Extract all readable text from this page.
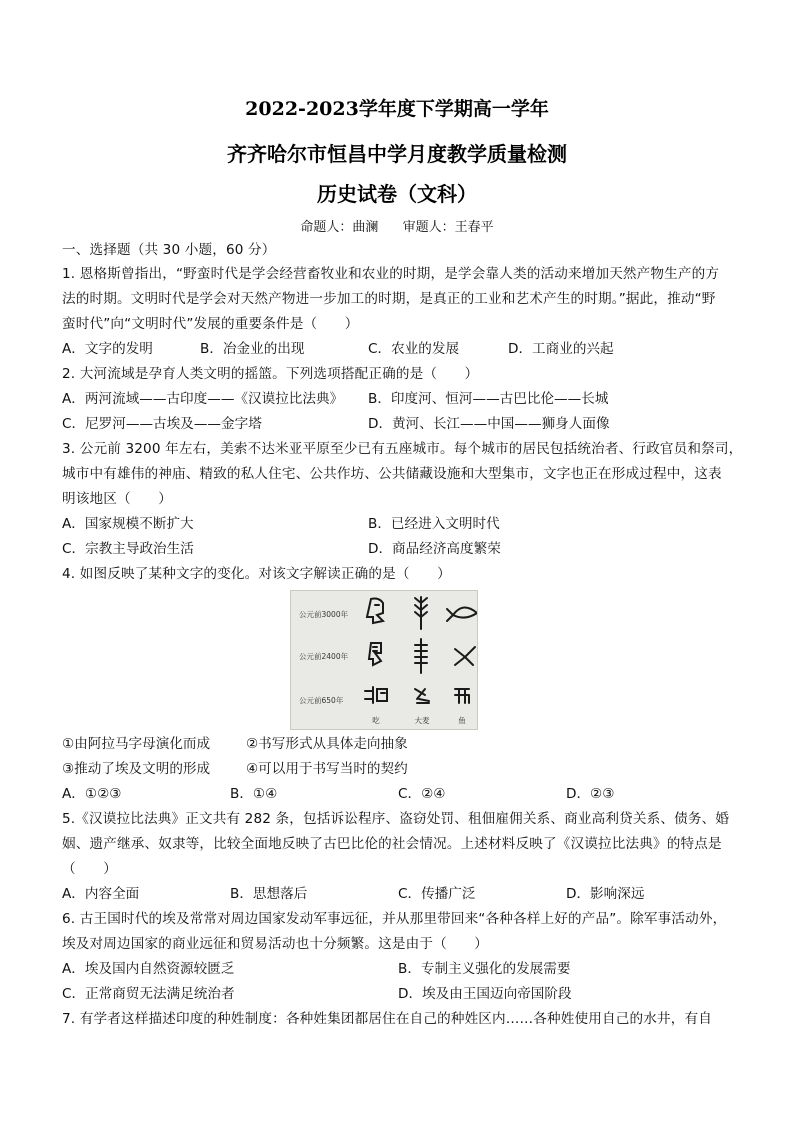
2022-2023学年度下学期高一学年
齐齐哈尔市恒昌中学月度教学质量检测
历史试卷（文科）
命题人：曲澜 审题人：王春平
一、选择题（共 30 小题，60 分）
1. 恩格斯曾指出，“野蛮时代是学会经营畜牧业和农业的时期，是学会靠人类的活动来增加天然产物生产的方
法的时期。文明时代是学会对天然产物进一步加工的时期，是真正的工业和艺术产生的时期。”据此，推动“野
蛮时代”向“文明时代”发展的重要条件是（　　）
A．文字的发明	B．冶金业的出现	C．农业的发展	D．工商业的兴起
2. 大河流域是孕育人类文明的摇篮。下列选项搭配正确的是（　　）
A．两河流域——古印度——《汉谟拉比法典》 B．印度河、恒河——古巴比伦——长城
C．尼罗河——古埃及——金字塔	D．黄河、长江——中国——狮身人面像
3. 公元前 3200 年左右，美索不达米亚平原至少已有五座城市。每个城市的居民包括统治者、行政官员和祭司，
城市中有雄伟的神庙、精致的私人住宅、公共作坊、公共储藏设施和大型集市，文字也正在形成过程中，这表
明该地区（　　）
A．国家规模不断扩大	B．已经进入文明时代
C．宗教主导政治生活	D．商品经济高度繁荣
4. 如图反映了某种文字的变化。对该文字解读正确的是（　　）
公元前3000年
公元前2400年
公元前650年
吃	大麦	鱼
①由阿拉马字母演化而成	②书写形式从具体走向抽象
③推动了埃及文明的形成	④可以用于书写当时的契约
A．①②③	B．①④	C．②④	D．②③
5.《汉谟拉比法典》正文共有 282 条，包括诉讼程序、盗窃处罚、租佃雇佣关系、商业高利贷关系、债务、婚
姻、遗产继承、奴隶等，比较全面地反映了古巴比伦的社会情况。上述材料反映了《汉谟拉比法典》的特点是
（　　）
A．内容全面	B．思想落后	C．传播广泛	D．影响深远
6. 古王国时代的埃及常常对周边国家发动军事远征，并从那里带回来“各种各样上好的产品”。除军事活动外，
埃及对周边国家的商业远征和贸易活动也十分频繁。这是由于（　　）
A．埃及国内自然资源较匮乏	B．专制主义强化的发展需要
C．正常商贸无法满足统治者	D．埃及由王国迈向帝国阶段
7. 有学者这样描述印度的种姓制度：各种姓集团都居住在自己的种姓区内……各种姓使用自己的水井，有自
